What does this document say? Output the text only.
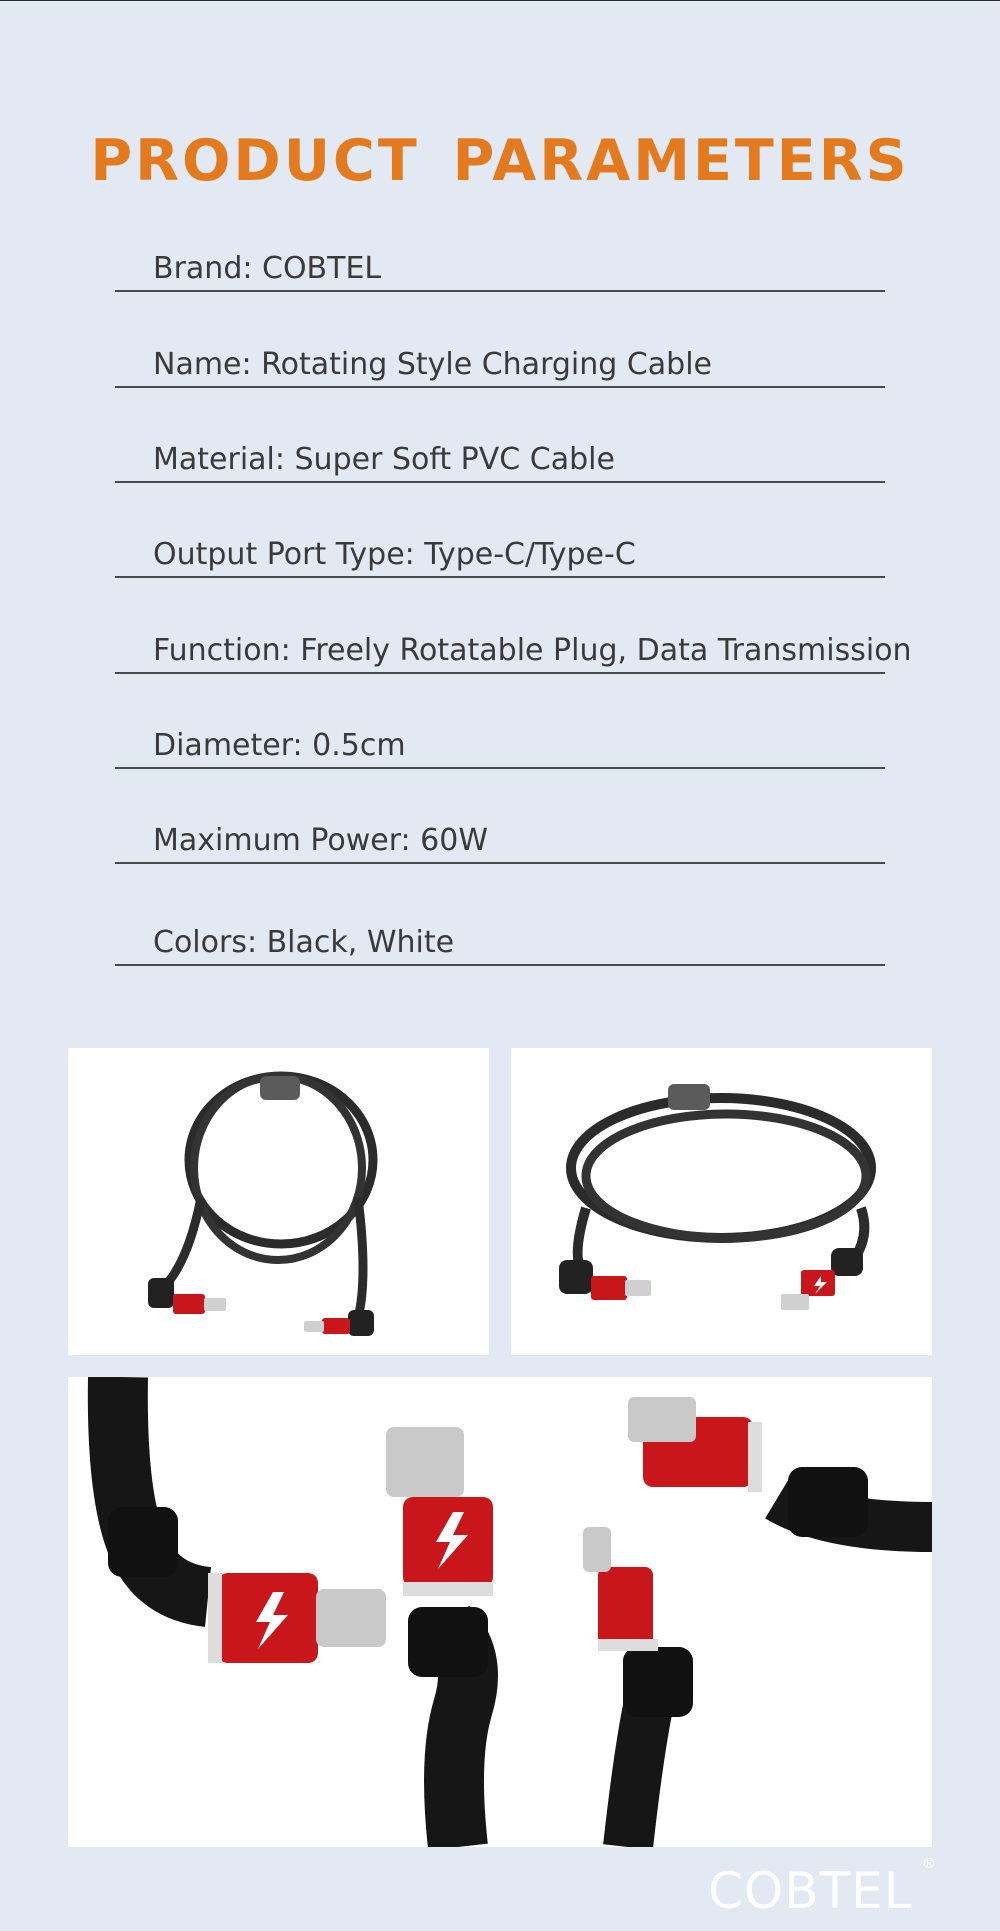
PRODUCT PARAMETERS
Brand: COBTEL
Name: Rotating Style Charging Cable
Material: Super Soft PVC Cable
Output Port Type: Type-C/Type-C
Function: Freely Rotatable Plug, Data Transmission
Diameter: 0.5cm
Maximum Power: 60W
Colors: Black, White
COBTEL ®
